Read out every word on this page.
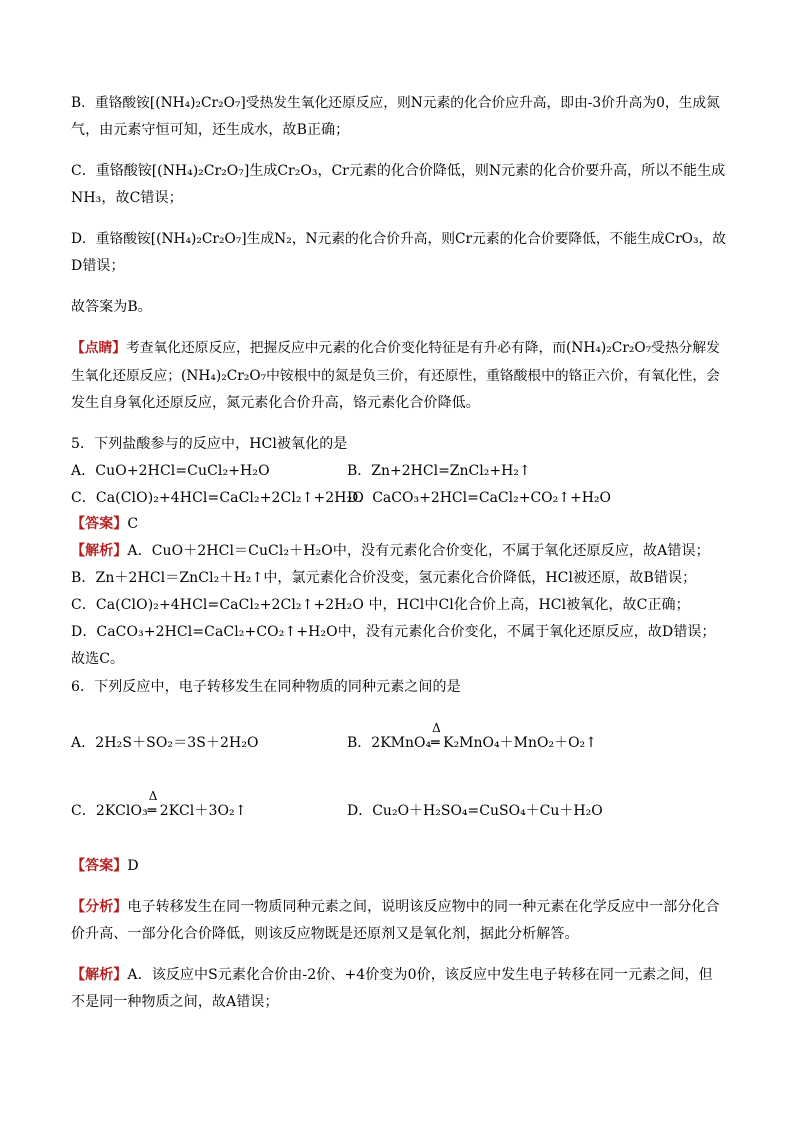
B．重铬酸铵[(NH₄)₂Cr₂O₇]受热发生氧化还原反应，则N元素的化合价应升高，即由-3价升高为0，生成氮
气，由元素守恒可知，还生成水，故B正确；
C．重铬酸铵[(NH₄)₂Cr₂O₇]生成Cr₂O₃，Cr元素的化合价降低，则N元素的化合价要升高，所以不能生成
NH₃，故C错误；
D．重铬酸铵[(NH₄)₂Cr₂O₇]生成N₂，N元素的化合价升高，则Cr元素的化合价要降低，不能生成CrO₃，故
D错误；
故答案为B。
【点睛】考查氧化还原反应，把握反应中元素的化合价变化特征是有升必有降，而(NH₄)₂Cr₂O₇受热分解发
生氧化还原反应；(NH₄)₂Cr₂O₇中铵根中的氮是负三价，有还原性，重铬酸根中的铬正六价，有氧化性，会
发生自身氧化还原反应，氮元素化合价升高，铬元素化合价降低。
5．下列盐酸参与的反应中，HCl被氧化的是
A．CuO+2HCl=CuCl₂+H₂O	B．Zn+2HCl=ZnCl₂+H₂↑
C．Ca(ClO)₂+4HCl=CaCl₂+2Cl₂↑+2H₂O
D．CaCO₃+2HCl=CaCl₂+CO₂↑+H₂O
【答案】C
【解析】A．CuO＋2HCl＝CuCl₂＋H₂O中，没有元素化合价变化，不属于氧化还原反应，故A错误；
B．Zn＋2HCl＝ZnCl₂＋H₂↑中，氯元素化合价没变，氢元素化合价降低，HCl被还原，故B错误；
C．Ca(ClO)₂+4HCl=CaCl₂+2Cl₂↑+2H₂O 中，HCl中Cl化合价上高，HCl被氧化，故C正确；
D．CaCO₃+2HCl=CaCl₂+CO₂↑+H₂O中，没有元素化合价变化，不属于氧化还原反应，故D错误；
故选C。
6．下列反应中，电子转移发生在同种物质的同种元素之间的是
A．2H₂S＋SO₂＝3S＋2H₂O	B．2KMnO₄
Δ
═ K₂MnO₄＋MnO₂＋O₂↑
C．2KClO₃
Δ
═ 2KCl＋3O₂↑	D．Cu₂O＋H₂SO₄=CuSO₄＋Cu＋H₂O
【答案】D
【分析】电子转移发生在同一物质同种元素之间，说明该反应物中的同一种元素在化学反应中一部分化合
价升高、一部分化合价降低，则该反应物既是还原剂又是氧化剂，据此分析解答。
【解析】A．该反应中S元素化合价由-2价、+4价变为0价，该反应中发生电子转移在同一元素之间，但
不是同一种物质之间，故A错误；
